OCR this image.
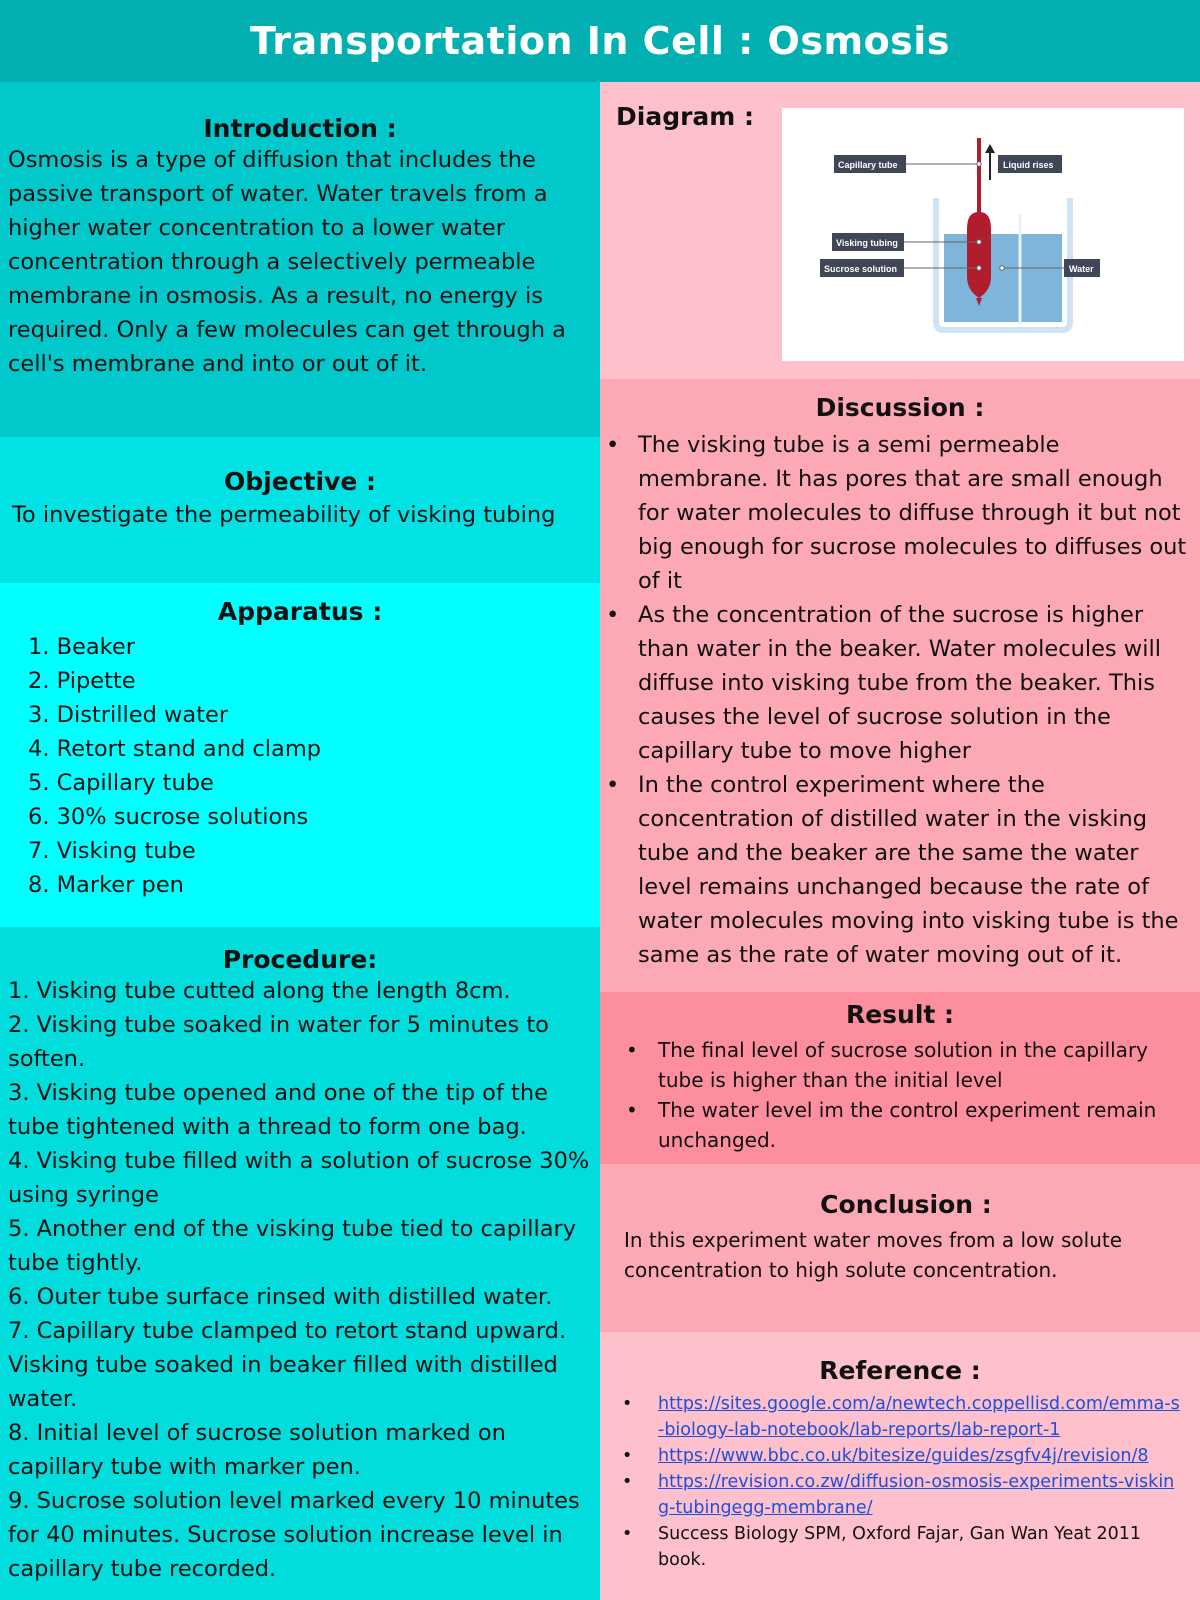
Transportation In Cell : Osmosis
Introduction :
Osmosis is a type of diffusion that includes the passive transport of water. Water travels from a higher water concentration to a lower water concentration through a selectively permeable membrane in osmosis. As a result, no energy is required. Only a few molecules can get through a cell's membrane and into or out of it.
Objective :
To investigate the permeability of visking tubing
Apparatus :
1. Beaker
2. Pipette
3. Distrilled water
4. Retort stand and clamp
5. Capillary tube
6. 30% sucrose solutions
7. Visking tube
8. Marker pen
Procedure:
1. Visking tube cutted along the length 8cm.
2. Visking tube soaked in water for 5 minutes to soften.
3. Visking tube opened and one of the tip of the tube tightened with a thread to form one bag.
4. Visking tube filled with a solution of sucrose 30% using syringe
5. Another end of the visking tube tied to capillary tube tightly.
6. Outer tube surface rinsed with distilled water.
7. Capillary tube clamped to retort stand upward. Visking tube soaked in beaker filled with distilled water.
8. Initial level of sucrose solution marked on capillary tube with marker pen.
9. Sucrose solution level marked every 10 minutes for 40 minutes. Sucrose solution increase level in capillary tube recorded.
Diagram :
Capillary tube	Liquid rises
Visking tubing
Sucrose solution	Water
Discussion :
• The visking tube is a semi permeable membrane. It has pores that are small enough for water molecules to diffuse through it but not big enough for sucrose molecules to diffuses out of it
• As the concentration of the sucrose is higher than water in the beaker. Water molecules will diffuse into visking tube from the beaker. This causes the level of sucrose solution in the capillary tube to move higher
• In the control experiment where the concentration of distilled water in the visking tube and the beaker are the same the water level remains unchanged because the rate of water molecules moving into visking tube is the same as the rate of water moving out of it.
Result :
• The final level of sucrose solution in the capillary tube is higher than the initial level
• The water level im the control experiment remain unchanged.
Conclusion :
In this experiment water moves from a low solute concentration to high solute concentration.
Reference :
• https://sites.google.com/a/newtech.coppellisd.com/emma-s-biology-lab-notebook/lab-reports/lab-report-1
• https://www.bbc.co.uk/bitesize/guides/zsgfv4j/revision/8
• https://revision.co.zw/diffusion-osmosis-experiments-visking-tubingegg-membrane/
• Success Biology SPM, Oxford Fajar, Gan Wan Yeat 2011 book.
